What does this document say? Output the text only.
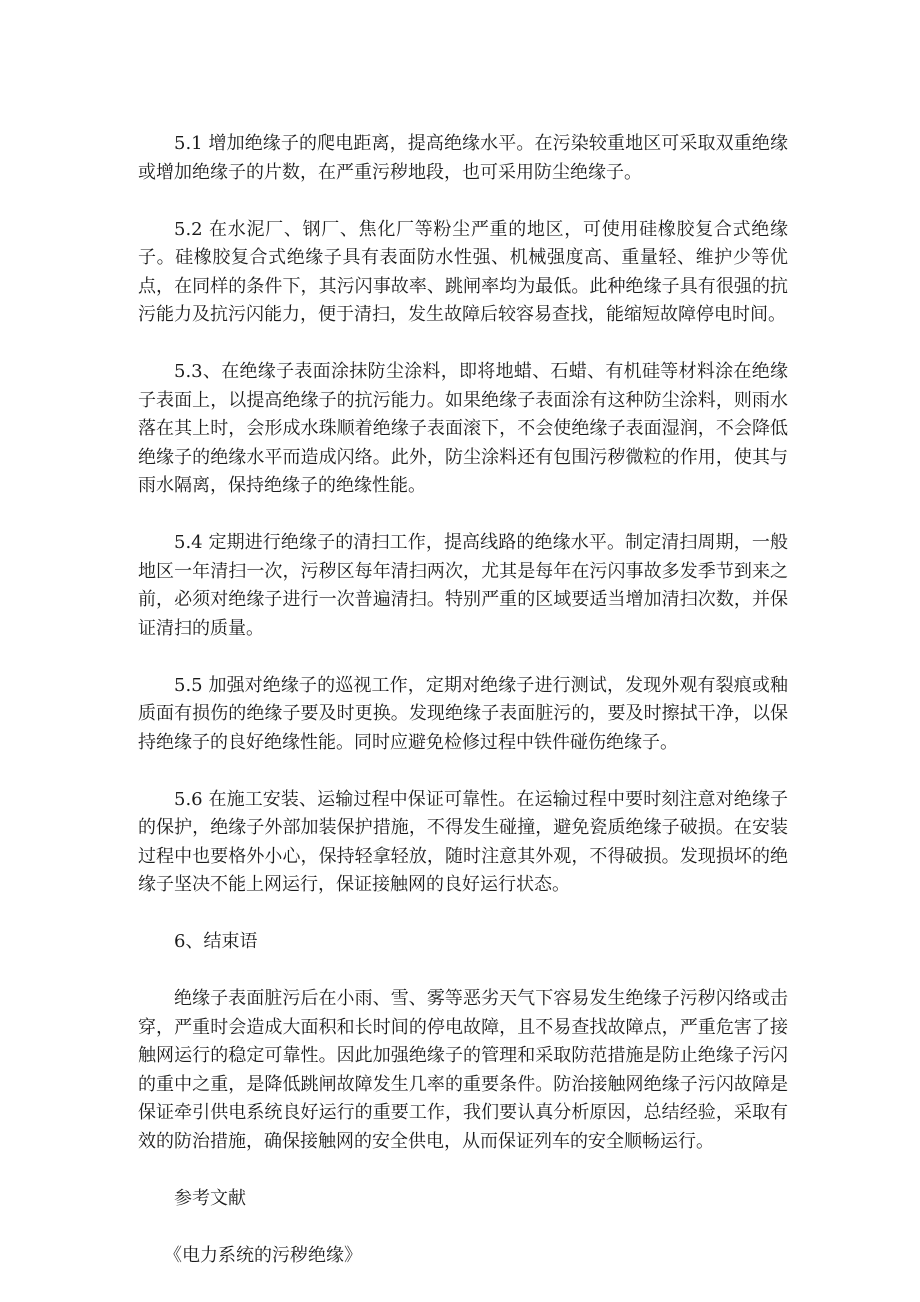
5.1 增加绝缘子的爬电距离，提高绝缘水平。在污染较重地区可采取双重绝缘或增加绝缘子的片数，在严重污秽地段，也可采用防尘绝缘子。

5.2 在水泥厂、钢厂、焦化厂等粉尘严重的地区，可使用硅橡胶复合式绝缘子。硅橡胶复合式绝缘子具有表面防水性强、机械强度高、重量轻、维护少等优点，在同样的条件下，其污闪事故率、跳闸率均为最低。此种绝缘子具有很强的抗污能力及抗污闪能力，便于清扫，发生故障后较容易查找，能缩短故障停电时间。

5.3、在绝缘子表面涂抹防尘涂料，即将地蜡、石蜡、有机硅等材料涂在绝缘子表面上，以提高绝缘子的抗污能力。如果绝缘子表面涂有这种防尘涂料，则雨水落在其上时，会形成水珠顺着绝缘子表面滚下，不会使绝缘子表面湿润，不会降低绝缘子的绝缘水平而造成闪络。此外，防尘涂料还有包围污秽微粒的作用，使其与雨水隔离，保持绝缘子的绝缘性能。

5.4 定期进行绝缘子的清扫工作，提高线路的绝缘水平。制定清扫周期，一般地区一年清扫一次，污秽区每年清扫两次，尤其是每年在污闪事故多发季节到来之前，必须对绝缘子进行一次普遍清扫。特别严重的区域要适当增加清扫次数，并保证清扫的质量。

5.5 加强对绝缘子的巡视工作，定期对绝缘子进行测试，发现外观有裂痕或釉质面有损伤的绝缘子要及时更换。发现绝缘子表面脏污的，要及时擦拭干净，以保持绝缘子的良好绝缘性能。同时应避免检修过程中铁件碰伤绝缘子。

5.6 在施工安装、运输过程中保证可靠性。在运输过程中要时刻注意对绝缘子的保护，绝缘子外部加装保护措施，不得发生碰撞，避免瓷质绝缘子破损。在安装过程中也要格外小心，保持轻拿轻放，随时注意其外观，不得破损。发现损坏的绝缘子坚决不能上网运行，保证接触网的良好运行状态。

6、结束语

绝缘子表面脏污后在小雨、雪、雾等恶劣天气下容易发生绝缘子污秽闪络或击穿，严重时会造成大面积和长时间的停电故障，且不易查找故障点，严重危害了接触网运行的稳定可靠性。因此加强绝缘子的管理和采取防范措施是防止绝缘子污闪的重中之重，是降低跳闸故障发生几率的重要条件。防治接触网绝缘子污闪故障是保证牵引供电系统良好运行的重要工作，我们要认真分析原因，总结经验，采取有效的防治措施，确保接触网的安全供电，从而保证列车的安全顺畅运行。

参考文献

《电力系统的污秽绝缘》
